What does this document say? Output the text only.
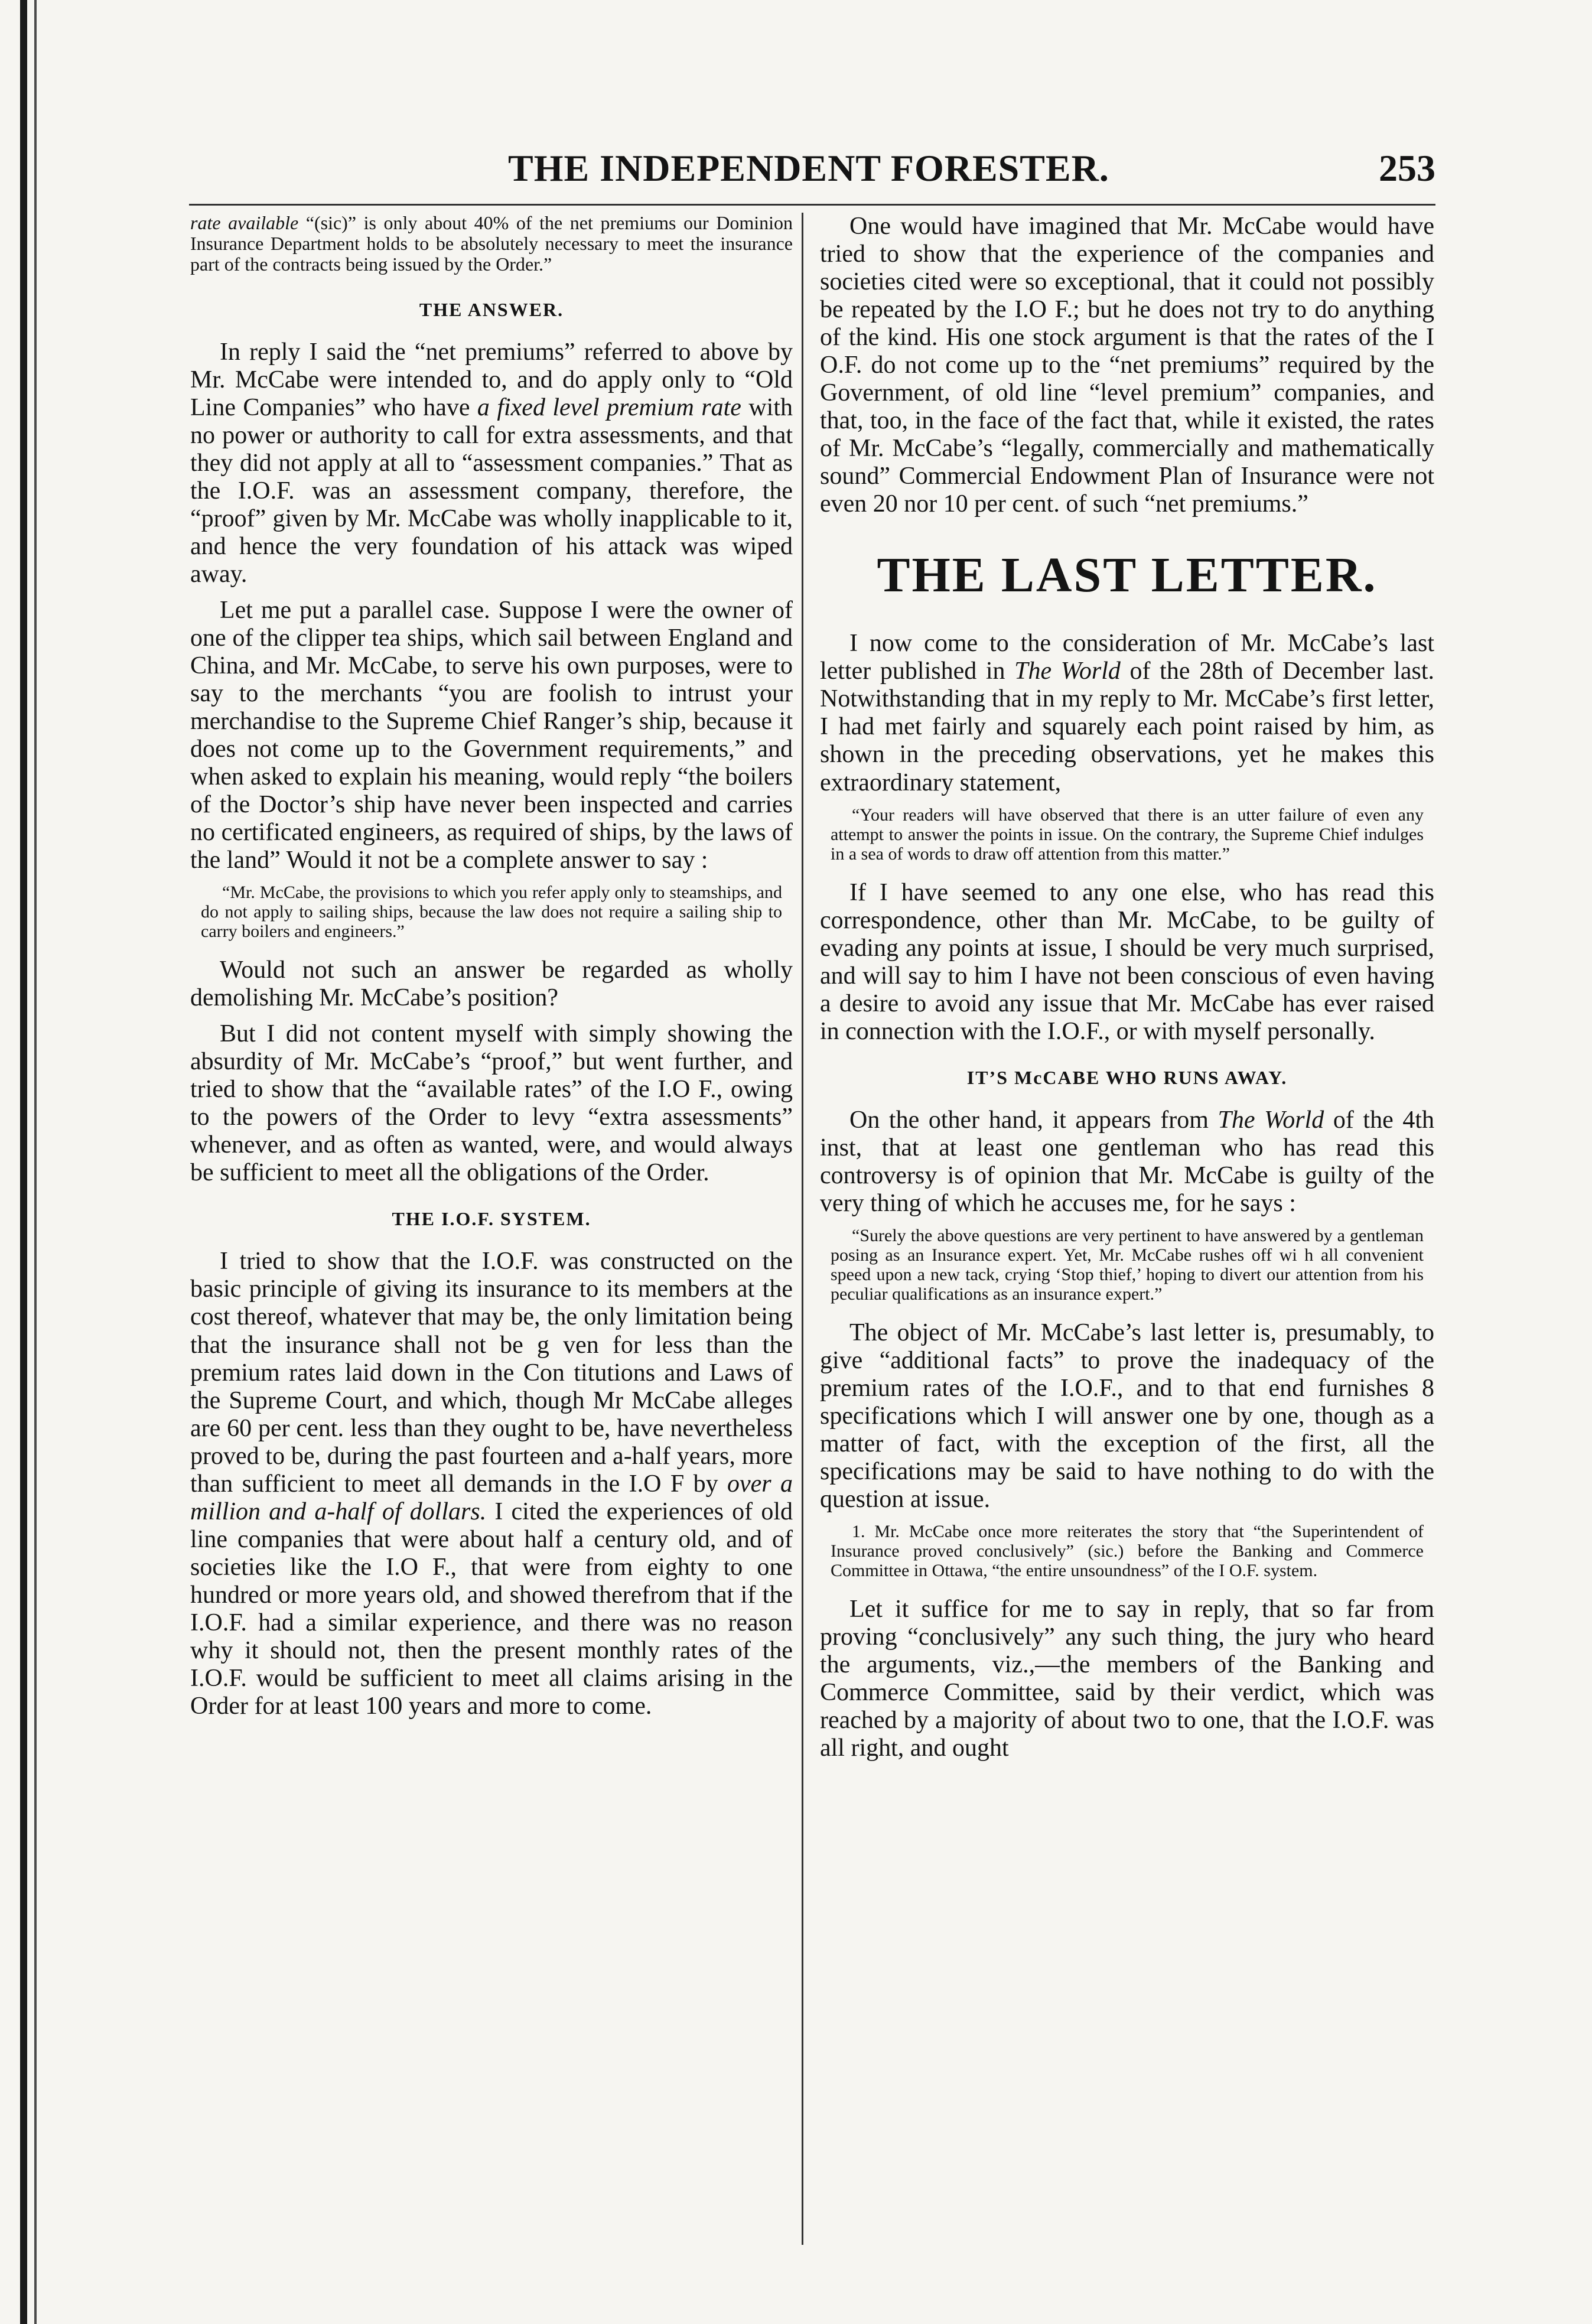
THE INDEPENDENT FORESTER.	253
rate available “(sic)” is only about 40% of the net premiums our Dominion Insurance Department holds to be absolutely necessary to meet the insurance part of the contracts being issued by the Order.”
THE ANSWER.

In reply I said the “net premiums” referred to above by Mr. McCabe were intended to, and do apply only to “Old Line Companies” who have a fixed level premium rate with no power or authority to call for extra assessments, and that they did not apply at all to “assessment companies.” That as the I.O.F. was an assessment company, therefore, the “proof” given by Mr. McCabe was wholly inapplicable to it, and hence the very foundation of his attack was wiped away.

Let me put a parallel case. Suppose I were the owner of one of the clipper tea ships, which sail between England and China, and Mr. McCabe, to serve his own purposes, were to say to the merchants “you are foolish to intrust your merchandise to the Supreme Chief Ranger’s ship, because it does not come up to the Government requirements,” and when asked to explain his meaning, would reply “the boilers of the Doctor’s ship have never been inspected and carries no certificated engineers, as required of ships, by the laws of the land” Would it not be a complete answer to say :

“Mr. McCabe, the provisions to which you refer apply only to steamships, and do not apply to sailing ships, because the law does not require a sailing ship to carry boilers and engineers.”

Would not such an answer be regarded as wholly demolishing Mr. McCabe’s position?

But I did not content myself with simply showing the absurdity of Mr. McCabe’s “proof,” but went further, and tried to show that the “available rates” of the I.O F., owing to the powers of the Order to levy “extra assessments” whenever, and as often as wanted, were, and would always be sufficient to meet all the obligations of the Order.

THE I.O.F. SYSTEM.

I tried to show that the I.O.F. was constructed on the basic principle of giving its insurance to its members at the cost thereof, whatever that may be, the only limitation being that the insurance shall not be g ven for less than the premium rates laid down in the Con titutions and Laws of the Supreme Court, and which, though Mr McCabe alleges are 60 per cent. less than they ought to be, have nevertheless proved to be, during the past fourteen and a-half years, more than sufficient to meet all demands in the I.O F by over a million and a-half of dollars. I cited the experiences of old line companies that were about half a century old, and of societies like the I.O F., that were from eighty to one hundred or more years old, and showed therefrom that if the I.O.F. had a similar experience, and there was no reason why it should not, then the present monthly rates of the I.O.F. would be sufficient to meet all claims arising in the Order for at least 100 years and more to come.

One would have imagined that Mr. McCabe would have tried to show that the experience of the companies and societies cited were so exceptional, that it could not possibly be repeated by the I.O F.; but he does not try to do anything of the kind. His one stock argument is that the rates of the I O.F. do not come up to the “net premiums” required by the Government, of old line “level premium” companies, and that, too, in the face of the fact that, while it existed, the rates of Mr. McCabe’s “legally, commercially and mathematically sound” Commercial Endowment Plan of Insurance were not even 20 nor 10 per cent. of such “net premiums.”

THE LAST LETTER.

I now come to the consideration of Mr. McCabe’s last letter published in The World of the 28th of December last. Notwithstanding that in my reply to Mr. McCabe’s first letter, I had met fairly and squarely each point raised by him, as shown in the preceding observations, yet he makes this extraordinary statement,

“Your readers will have observed that there is an utter failure of even any attempt to answer the points in issue. On the contrary, the Supreme Chief indulges in a sea of words to draw off attention from this matter.”

If I have seemed to any one else, who has read this correspondence, other than Mr. McCabe, to be guilty of evading any points at issue, I should be very much surprised, and will say to him I have not been conscious of even having a desire to avoid any issue that Mr. McCabe has ever raised in connection with the I.O.F., or with myself personally.

IT’S McCABE WHO RUNS AWAY.

On the other hand, it appears from The World of the 4th inst, that at least one gentleman who has read this controversy is of opinion that Mr. McCabe is guilty of the very thing of which he accuses me, for he says :

“Surely the above questions are very pertinent to have answered by a gentleman posing as an Insurance expert. Yet, Mr. McCabe rushes off wi h all convenient speed upon a new tack, crying ‘Stop thief,’ hoping to divert our attention from his peculiar qualifications as an insurance expert.”

The object of Mr. McCabe’s last letter is, presumably, to give “additional facts” to prove the inadequacy of the premium rates of the I.O.F., and to that end furnishes 8 specifications which I will answer one by one, though as a matter of fact, with the exception of the first, all the specifications may be said to have nothing to do with the question at issue.

1. Mr. McCabe once more reiterates the story that “the Superintendent of Insurance proved conclusively” (sic.) before the Banking and Commerce Committee in Ottawa, “the entire unsoundness” of the I O.F. system.

Let it suffice for me to say in reply, that so far from proving “conclusively” any such thing, the jury who heard the arguments, viz.,—the members of the Banking and Commerce Committee, said by their verdict, which was reached by a majority of about two to one, that the I.O.F. was all right, and ought
